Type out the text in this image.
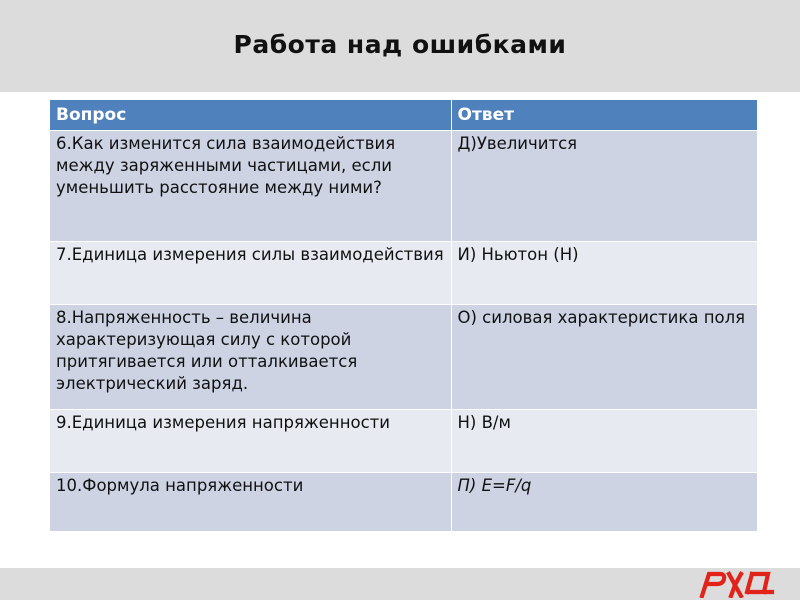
Работа над ошибками
Вопрос	Ответ
6.Как изменится сила взаимодействия между заряженными частицами, если уменьшить расстояние между ними?	Д)Увеличится
7.Единица измерения силы взаимодействия	И) Ньютон (Н)
8.Напряженность – величина характеризующая силу с которой притягивается или отталкивается электрический заряд.	О) силовая характеристика поля
9.Единица измерения напряженности	Н) В/м
10.Формула напряженности	П) E=F/q
